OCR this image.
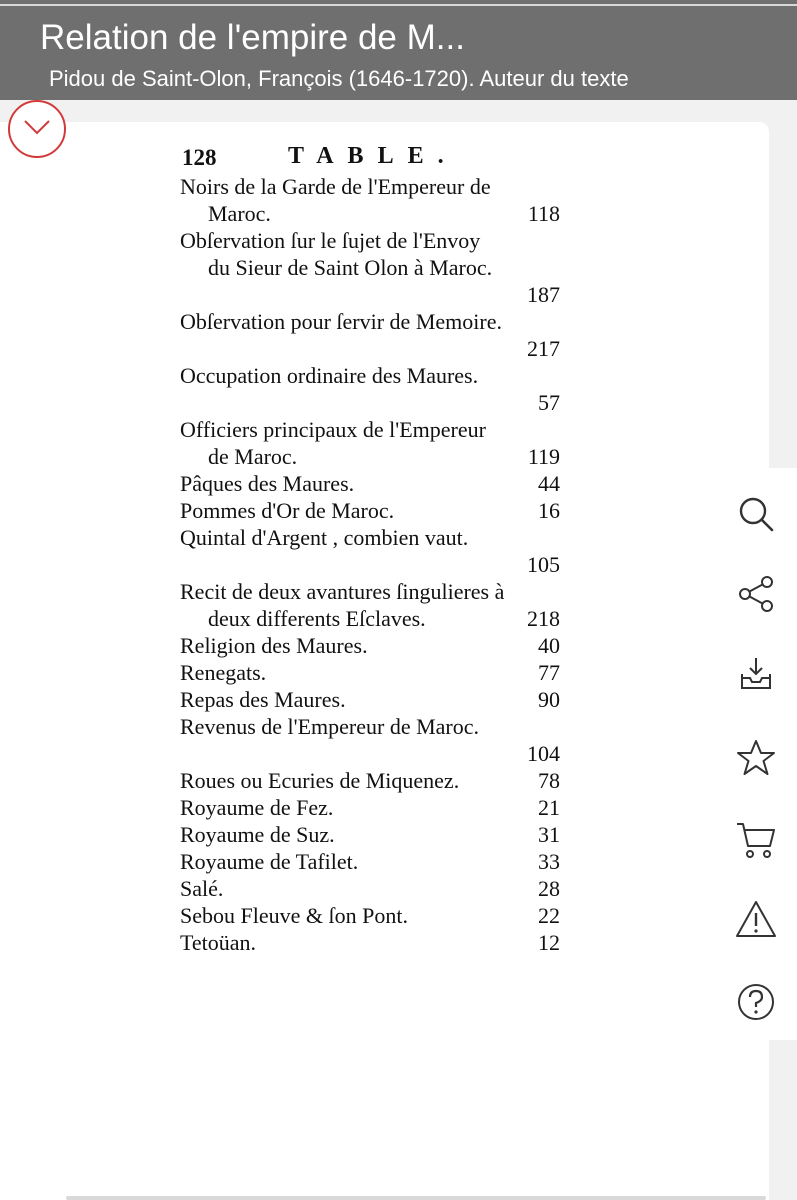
Relation de l'empire de M...
Pidou de Saint-Olon, François (1646-1720). Auteur du texte
128	TABLE.
Noirs de la Garde de l'Empereur de
Maroc.	118
Obſervation ſur le ſujet de l'Envoy
du Sieur de Saint Olon à Maroc.
187
Obſervation pour ſervir de Memoire.
217
Occupation ordinaire des Maures.
57
Officiers principaux de l'Empereur
de Maroc.	119
Pâques des Maures.	44
Pommes d'Or de Maroc.	16
Quintal d'Argent , combien vaut.
105
Recit de deux avantures ſingulieres à
deux differents Eſclaves.	218
Religion des Maures.	40
Renegats.	77
Repas des Maures.	90
Revenus de l'Empereur de Maroc.
104
Roues ou Ecuries de Miquenez.	78
Royaume de Fez.	21
Royaume de Suz.	31
Royaume de Tafilet.	33
Salé.	28
Sebou Fleuve & ſon Pont.	22
Tetoüan.	12
